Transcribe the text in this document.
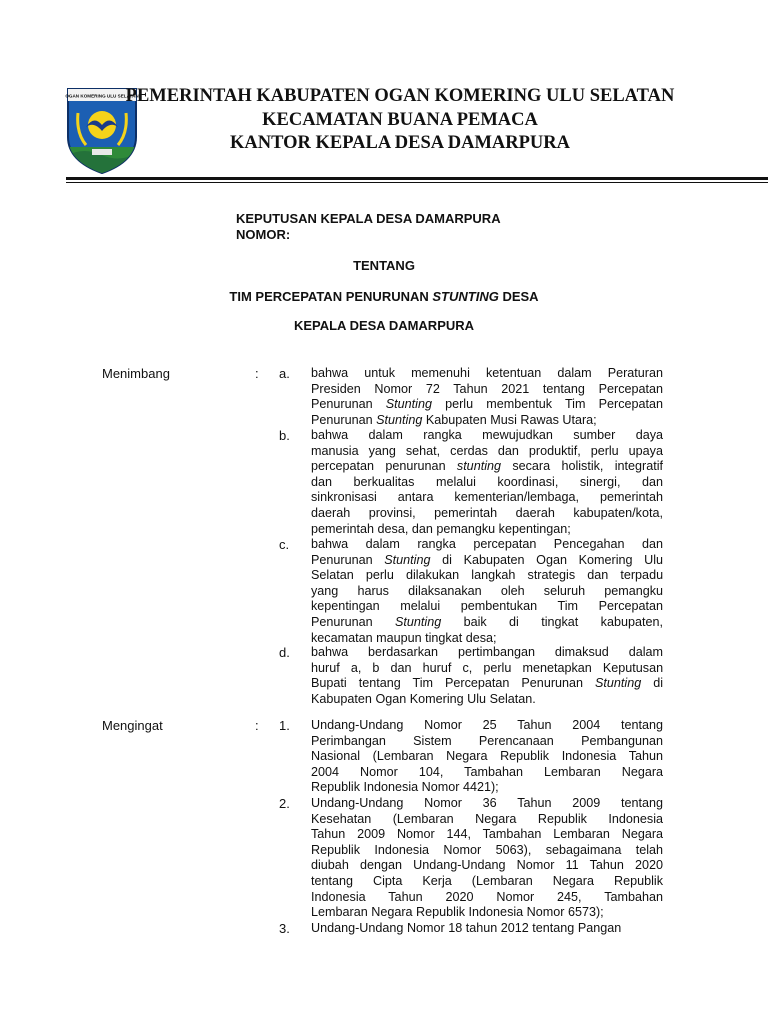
OGAN KOMERING ULU SELATAN
PEMERINTAH KABUPATEN OGAN KOMERING ULU SELATAN
KECAMATAN BUANA PEMACA
KANTOR KEPALA DESA DAMARPURA
KEPUTUSAN KEPALA DESA DAMARPURA
NOMOR:
TENTANG
TIM PERCEPATAN PENURUNAN STUNTING DESA
KEPALA DESA DAMARPURA
Menimbang	: a. bahwa untuk memenuhi ketentuan dalam Peraturan
Presiden Nomor 72 Tahun 2021 tentang Percepatan
Penurunan Stunting perlu membentuk Tim Percepatan
Penurunan Stunting Kabupaten Musi Rawas Utara;
b. bahwa dalam rangka mewujudkan sumber daya
manusia yang sehat, cerdas dan produktif, perlu upaya
percepatan penurunan stunting secara holistik, integratif
dan berkualitas melalui koordinasi, sinergi, dan
sinkronisasi antara kementerian/lembaga, pemerintah
daerah provinsi, pemerintah daerah kabupaten/kota,
pemerintah desa, dan pemangku kepentingan;
c. bahwa dalam rangka percepatan Pencegahan dan
Penurunan Stunting di Kabupaten Ogan Komering Ulu
Selatan perlu dilakukan langkah strategis dan terpadu
yang harus dilaksanakan oleh seluruh pemangku
kepentingan melalui pembentukan Tim Percepatan
Penurunan Stunting baik di tingkat kabupaten,
kecamatan maupun tingkat desa;
d. bahwa berdasarkan pertimbangan dimaksud dalam
huruf a, b dan huruf c, perlu menetapkan Keputusan
Bupati tentang Tim Percepatan Penurunan Stunting di
Kabupaten Ogan Komering Ulu Selatan.
Mengingat	: 1. Undang-Undang Nomor 25 Tahun 2004 tentang
Perimbangan Sistem Perencanaan Pembangunan
Nasional (Lembaran Negara Republik Indonesia Tahun
2004 Nomor 104, Tambahan Lembaran Negara
Republik Indonesia Nomor 4421);
2. Undang-Undang Nomor 36 Tahun 2009 tentang
Kesehatan (Lembaran Negara Republik Indonesia
Tahun 2009 Nomor 144, Tambahan Lembaran Negara
Republik Indonesia Nomor 5063), sebagaimana telah
diubah dengan Undang-Undang Nomor 11 Tahun 2020
tentang Cipta Kerja (Lembaran Negara Republik
Indonesia Tahun 2020 Nomor 245, Tambahan
Lembaran Negara Republik Indonesia Nomor 6573);
3. Undang-Undang Nomor 18 tahun 2012 tentang Pangan
